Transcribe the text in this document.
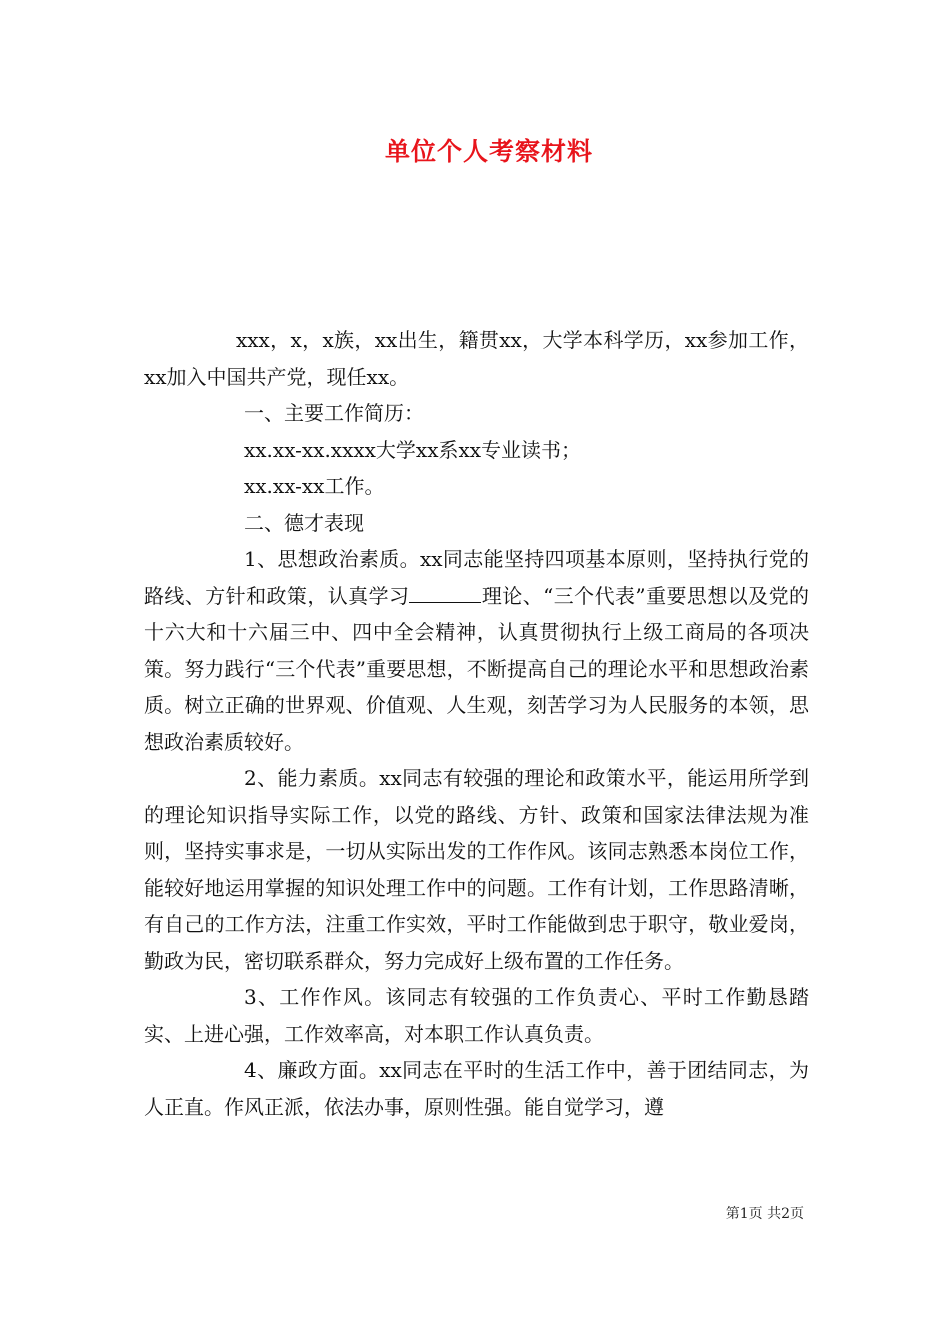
单位个人考察材料

xxx，x，x族，xx出生，籍贯xx，大学本科学历，xx参加工作，xx加入中国共产党，现任xx。

一、主要工作简历：

xx.xx-xx.xxxx大学xx系xx专业读书；

xx.xx-xx工作。

二、德才表现

1、思想政治素质。xx同志能坚持四项基本原则，坚持执行党的路线、方针和政策，认真学习	理论、“三个代表”重要思想以及党的十六大和十六届三中、四中全会精神，认真贯彻执行上级工商局的各项决策。努力践行“三个代表”重要思想，不断提高自己的理论水平和思想政治素质。树立正确的世界观、价值观、人生观，刻苦学习为人民服务的本领，思想政治素质较好。

2、能力素质。xx同志有较强的理论和政策水平，能运用所学到的理论知识指导实际工作，以党的路线、方针、政策和国家法律法规为准则，坚持实事求是，一切从实际出发的工作作风。该同志熟悉本岗位工作，能较好地运用掌握的知识处理工作中的问题。工作有计划，工作思路清晰，有自己的工作方法，注重工作实效，平时工作能做到忠于职守，敬业爱岗，勤政为民，密切联系群众，努力完成好上级布置的工作任务。

3、工作作风。该同志有较强的工作负责心、平时工作勤恳踏实、上进心强，工作效率高，对本职工作认真负责。

4、廉政方面。xx同志在平时的生活工作中，善于团结同志，为人正直。作风正派，依法办事，原则性强。能自觉学习，遵

第1页 共2页
